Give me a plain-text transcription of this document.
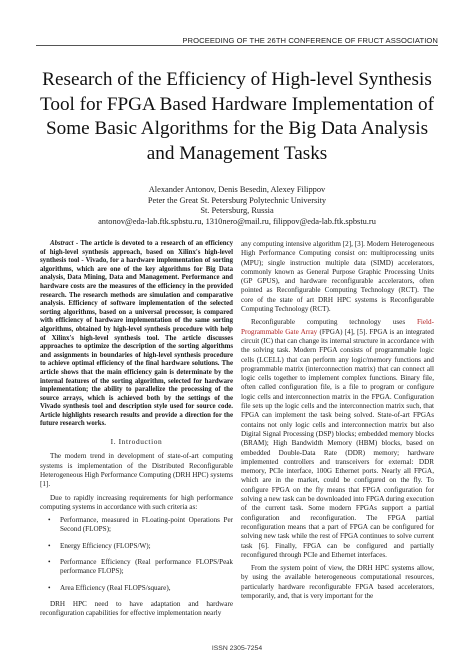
PROCEEDING OF THE 26TH CONFERENCE OF FRUCT ASSOCIATION
Research of the Efficiency of High-level Synthesis Tool for FPGA Based Hardware Implementation of Some Basic Algorithms for the Big Data Analysis and Management Tasks
Alexander Antonov, Denis Besedin, Alexey Filippov
Peter the Great St. Petersburg Polytechnic University
St. Petersburg, Russia
antonov@eda-lab.ftk.spbstu.ru, 1310nero@mail.ru, filippov@eda-lab.ftk.spbstu.ru

Abstract - The article is devoted to a research of an efficiency of high-level synthesis approach, based on Xilinx's high-level synthesis tool - Vivado, for a hardware implementation of sorting algorithms, which are one of the key algorithms for Big Data analysis, Data Mining, Data and Management. Performance and hardware costs are the measures of the efficiency in the provided research. The research methods are simulation and comparative analysis. Efficiency of software implementation of the selected sorting algorithms, based on a universal processor, is compared with efficiency of hardware implementation of the same sorting algorithms, obtained by high-level synthesis procedure with help of Xilinx's high-level synthesis tool. The article discusses approaches to optimize the description of the sorting algorithms and assignments in boundaries of high-level synthesis procedure to achieve optimal efficiency of the final hardware solutions. The article shows that the main efficiency gain is determinate by the internal features of the sorting algorithm, selected for hardware implementation; the ability to parallelize the processing of the source arrays, which is achieved both by the settings of the Vivado synthesis tool and description style used for source code. Article highlights research results and provide a direction for the future research works.

I. Introduction

The modern trend in development of state-of-art computing systems is implementation of the Distributed Reconfigurable Heterogeneous High Performance Computing (DRH HPC) systems [1].

Due to rapidly increasing requirements for high performance computing systems in accordance with such criteria as:

• Performance, measured in FLoating-point Operations Per Second (FLOPS);
• Energy Efficiency (FLOPS/W);
• Performance Efficiency (Real performance FLOPS/Peak performance FLOPS);
• Area Efficiency (Real FLOPS/square),

DRH HPC need to have adaptation and hardware reconfiguration capabilities for effective implementation nearly

any computing intensive algorithm [2], [3]. Modern Heterogeneous High Performance Computing consist on: multiprocessing units (MPU); single instruction multiple data (SIMD) accelerators, commonly known as General Purpose Graphic Processing Units (GP GPUS), and hardware reconfigurable accelerators, often pointed as Reconfigurable Computing Technology (RCT). The core of the state of art DRH HPC systems is Reconfigurable Computing Technology (RCT).

Reconfigurable computing technology uses Field-Programmable Gate Array (FPGA) [4], [5]. FPGA is an integrated circuit (IC) that can change its internal structure in accordance with the solving task. Modern FPGA consists of programmable logic cells (LCELL) that can perform any logic/memory functions and programmable matrix (interconnection matrix) that can connect all logic cells together to implement complex functions. Binary file, often called configuration file, is a file to program or configure logic cells and interconnection matrix in the FPGA. Configuration file sets up the logic cells and the interconnection matrix such, that FPGA can implement the task being solved. State-of-art FPGAs contains not only logic cells and interconnection matrix but also Digital Signal Processing (DSP) blocks; embedded memory blocks (BRAM); High Bandwidth Memory (HBM) blocks, based on embedded Double-Data Rate (DDR) memory; hardware implemented controllers and transceivers for external: DDR memory, PCIe interface, 100G Ethernet ports. Nearly all FPGA, which are in the market, could be configured on the fly. To configure FPGA on the fly means that FPGA configuration for solving a new task can be downloaded into FPGA during execution of the current task. Some modern FPGAs support a partial configuration and reconfiguration. The FPGA partial reconfiguration means that a part of FPGA can be configured for solving new task while the rest of FPGA continues to solve current task [6]. Finally, FPGA can be configured and partially reconfigured through PCIe and Ethernet interfaces.

From the system point of view, the DRH HPC systems allow, by using the available heterogeneous computational resources, particularly hardware reconfigurable FPGA based accelerators, temporarily, and, that is very important for the

ISSN 2305-7254
